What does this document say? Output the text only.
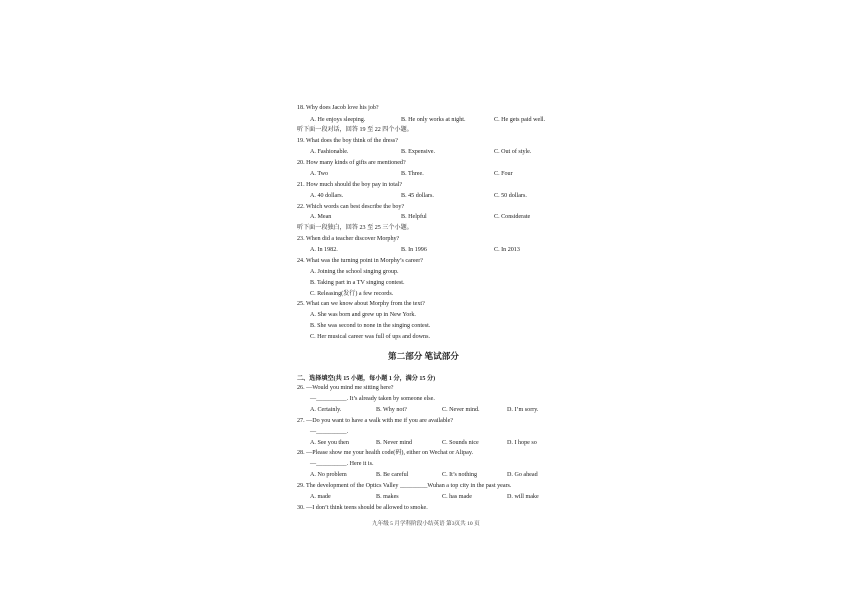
18. Why does Jacob love his job?
A. He enjoys sleeping.	B. He only works at night.	C. He gets paid well.
听下面一段对话，回答 19 至 22 四个小题。
19. What does the boy think of the dress?
A. Fashionable.	B. Expensive.	C. Out of style.
20. How many kinds of gifts are mentioned?
A. Two	B. Three.	C. Four
21. How much should the boy pay in total?
A. 40 dollars.	B. 45 dollars.	C. 50 dollars.
22. Which words can best describe the boy?
A. Mean	B. Helpful	C. Considerate
听下面一段独白，回答 23 至 25 三个小题。
23. When did a teacher discover Morphy?
A. In 1982.	B. In 1996	C. In 2013
24. What was the turning point in Morphy’s career?
A. Joining the school singing group.
B. Taking part in a TV singing contest.
C. Releasing(发行) a few records.
25. What can we know about Morphy from the text?
A. She was born and grew up in New York.
B. She was second to none in the singing contest.
C. Her musical career was full of ups and downs.
第二部分 笔试部分
二、选择填空(共 15 小题，每小题 1 分，满分 15 分)
26. —Would you mind me sitting here?
—__________. It’s already taken by someone else.
A. Certainly.	B. Why not?	C. Never mind.	D. I’m sorry.
27. —Do you want to have a walk with me if you are available?
—__________.
A. See you then	B. Never mind	C. Sounds nice	D. I hope so
28. —Please show me your health code(码), either on Wechat or Alipay.
—__________. Here it is.
A. No problem	B. Be careful	C. It’s nothing	D. Go ahead
29. The development of the Optics Valley _________Wuhan a top city in the past years.
A. made	B. makes	C. has made	D. will make
30. —I don’t think teens should be allowed to smoke.
九年级 5 月学科阶段小结英语 第3页共 10 页
